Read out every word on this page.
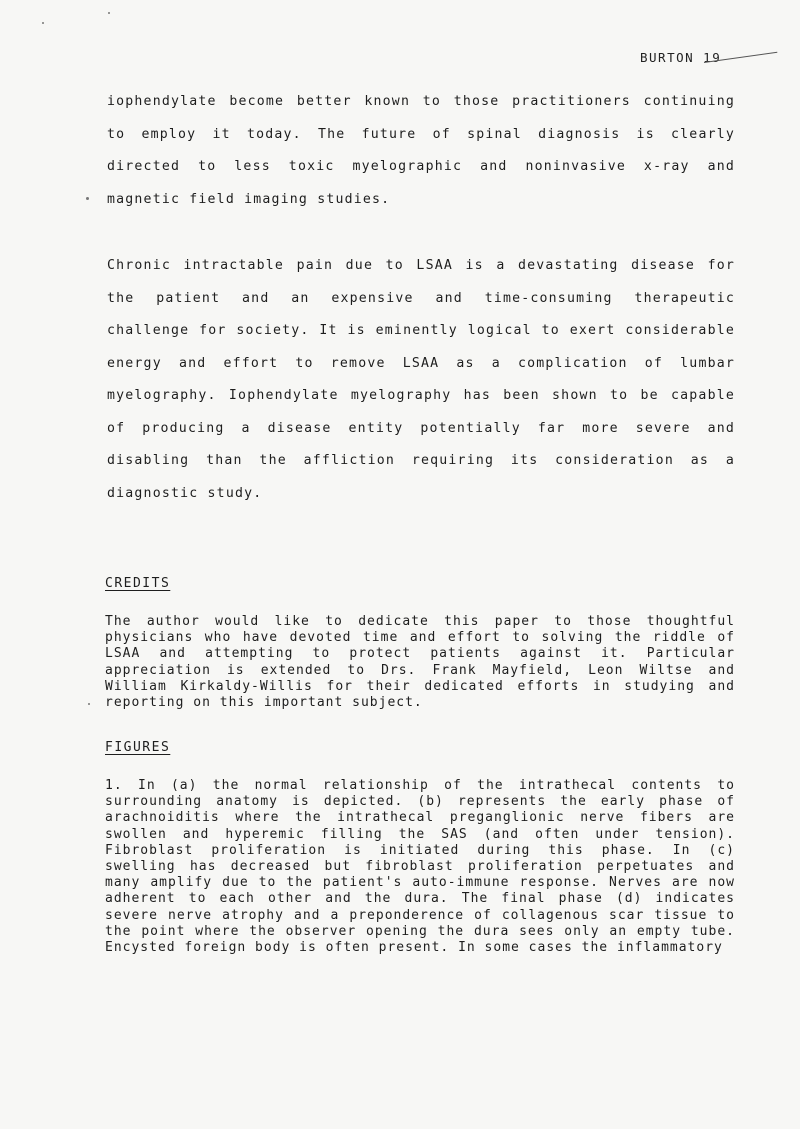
BURTON 19

iophendylate become better known to those practitioners continuing to employ it today. The future of spinal diagnosis is clearly directed to less toxic myelographic and noninvasive x-ray and magnetic field imaging studies.

Chronic intractable pain due to LSAA is a devastating disease for the patient and an expensive and time-consuming therapeutic challenge for society. It is eminently logical to exert considerable energy and effort to remove LSAA as a complication of lumbar myelography. Iophendylate myelography has been shown to be capable of producing a disease entity potentially far more severe and disabling than the affliction requiring its consideration as a diagnostic study.

CREDITS

The author would like to dedicate this paper to those thoughtful physicians who have devoted time and effort to solving the riddle of LSAA and attempting to protect patients against it. Particular appreciation is extended to Drs. Frank Mayfield, Leon Wiltse and William Kirkaldy-Willis for their dedicated efforts in studying and reporting on this important subject.

FIGURES

1. In (a) the normal relationship of the intrathecal contents to surrounding anatomy is depicted. (b) represents the early phase of arachnoiditis where the intrathecal preganglionic nerve fibers are swollen and hyperemic filling the SAS (and often under tension). Fibroblast proliferation is initiated during this phase. In (c) swelling has decreased but fibroblast proliferation perpetuates and many amplify due to the patient's auto-immune response. Nerves are now adherent to each other and the dura. The final phase (d) indicates severe nerve atrophy and a preponderence of collagenous scar tissue to the point where the observer opening the dura sees only an empty tube. Encysted foreign body is often present. In some cases the inflammatory
